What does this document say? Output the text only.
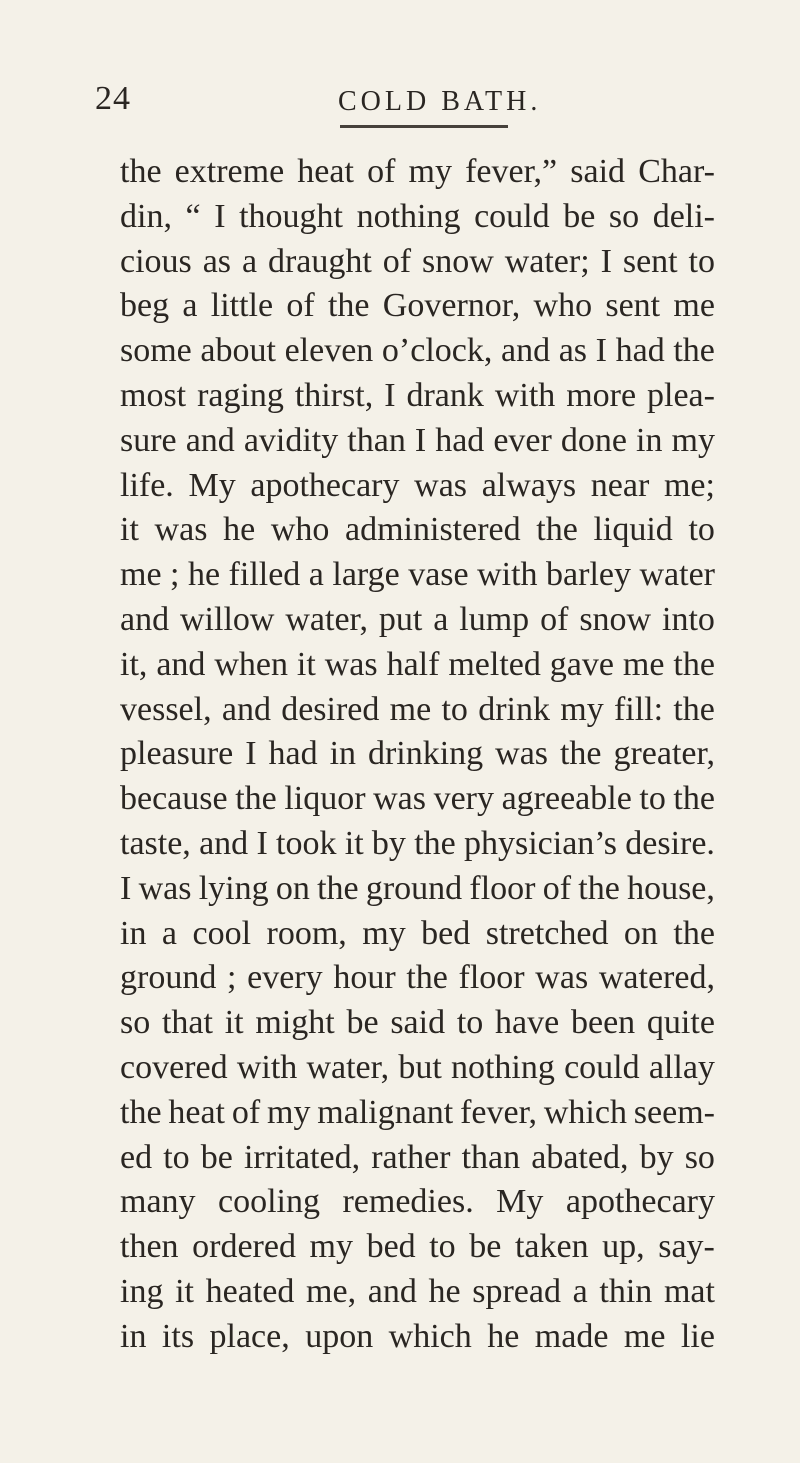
24	COLD BATH.
the extreme heat of my fever,” said Char-
din, “ I thought nothing could be so deli-
cious as a draught of snow water; I sent to
beg a little of the Governor, who sent me
some about eleven o’clock, and as I had the
most raging thirst, I drank with more plea-
sure and avidity than I had ever done in my
life. My apothecary was always near me;
it was he who administered the liquid to
me ; he filled a large vase with barley water
and willow water, put a lump of snow into
it, and when it was half melted gave me the
vessel, and desired me to drink my fill: the
pleasure I had in drinking was the greater,
because the liquor was very agreeable to the
taste, and I took it by the physician’s desire.
I was lying on the ground floor of the house,
in a cool room, my bed stretched on the
ground ; every hour the floor was watered,
so that it might be said to have been quite
covered with water, but nothing could allay
the heat of my malignant fever, which seem-
ed to be irritated, rather than abated, by so
many cooling remedies. My apothecary
then ordered my bed to be taken up, say-
ing it heated me, and he spread a thin mat
in its place, upon which he made me lie
